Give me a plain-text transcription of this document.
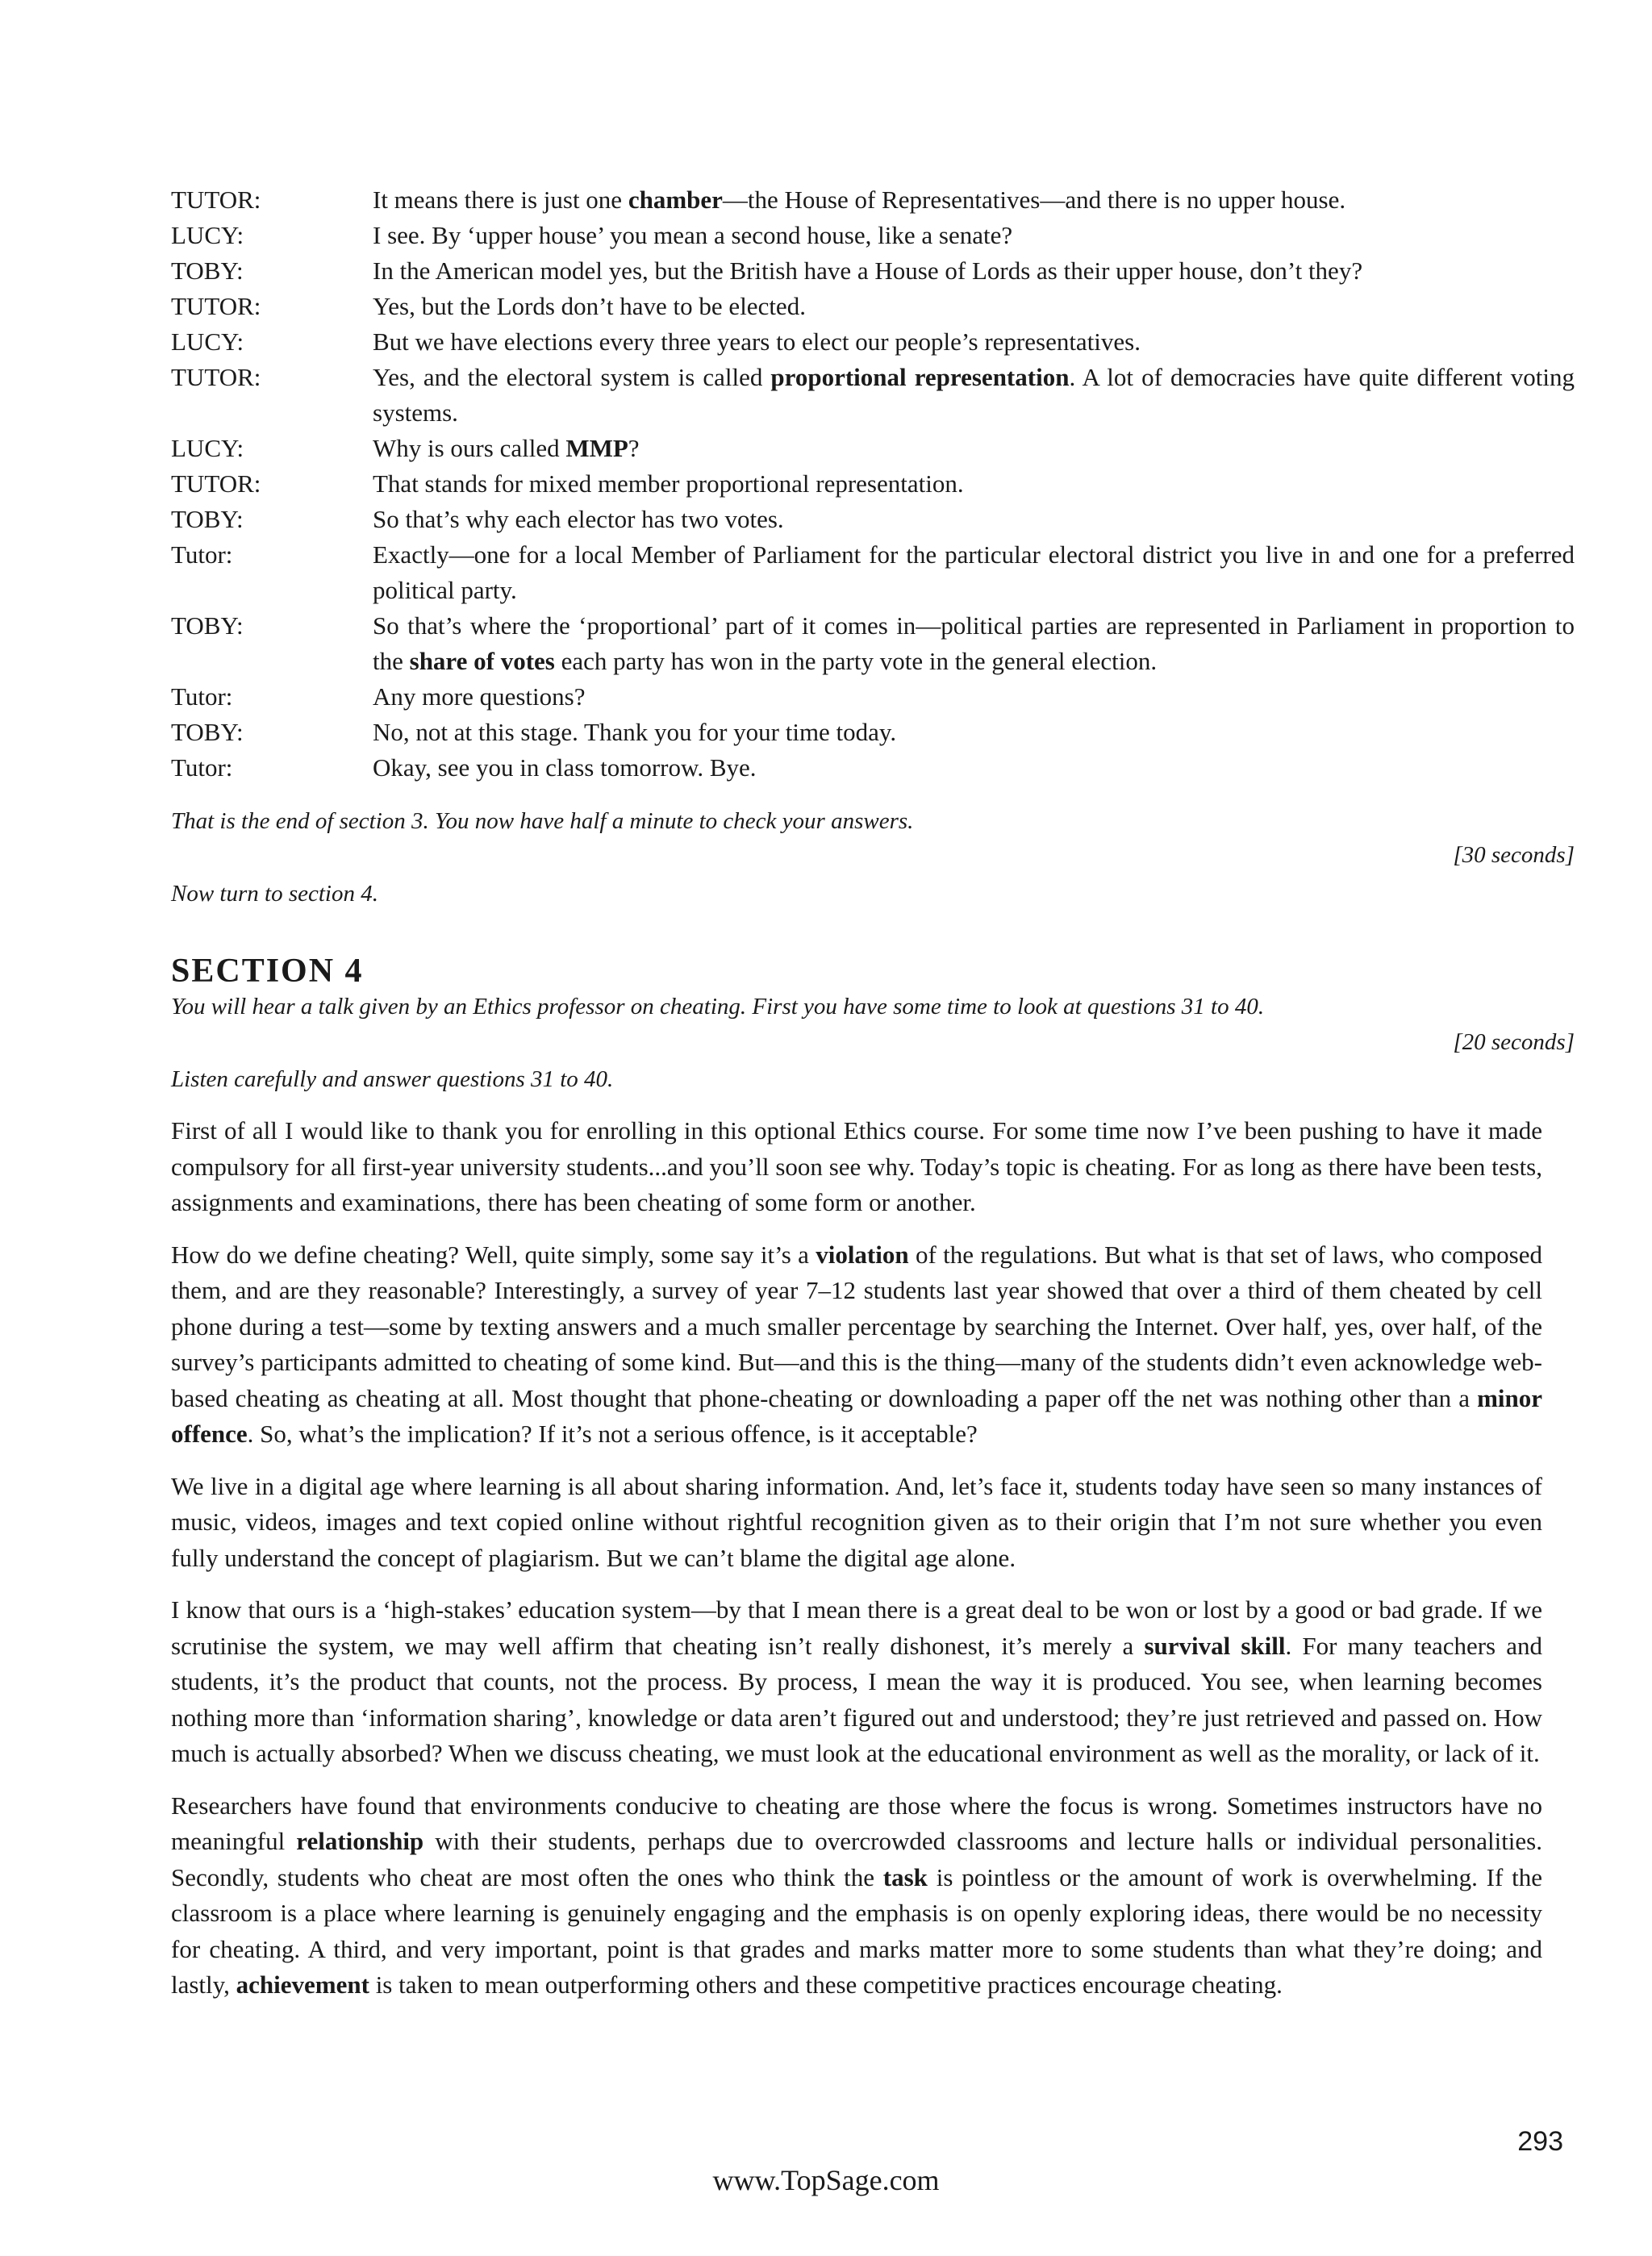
TUTOR:	It means there is just one chamber—the House of Representatives—and there is no upper house.
LUCY:	I see. By ‘upper house’ you mean a second house, like a senate?
TOBY:	In the American model yes, but the British have a House of Lords as their upper house, don’t they?
TUTOR:	Yes, but the Lords don’t have to be elected.
LUCY:	But we have elections every three years to elect our people’s representatives.
TUTOR:	Yes, and the electoral system is called proportional representation. A lot of democracies have quite different voting systems.
LUCY:	Why is ours called MMP?
TUTOR:	That stands for mixed member proportional representation.
TOBY:	So that’s why each elector has two votes.
Tutor:	Exactly—one for a local Member of Parliament for the particular electoral district you live in and one for a preferred political party.
TOBY:	So that’s where the ‘proportional’ part of it comes in—political parties are represented in Parliament in proportion to the share of votes each party has won in the party vote in the general election.
Tutor:	Any more questions?
TOBY:	No, not at this stage. Thank you for your time today.
Tutor:	Okay, see you in class tomorrow. Bye.
That is the end of section 3. You now have half a minute to check your answers.
[30 seconds]
Now turn to section 4.
SECTION 4
You will hear a talk given by an Ethics professor on cheating. First you have some time to look at questions 31 to 40.
[20 seconds]
Listen carefully and answer questions 31 to 40.

First of all I would like to thank you for enrolling in this optional Ethics course. For some time now I’ve been pushing to have it made compulsory for all first-year university students...and you’ll soon see why. Today’s topic is cheating. For as long as there have been tests, assignments and examinations, there has been cheating of some form or another.

How do we define cheating? Well, quite simply, some say it’s a violation of the regulations. But what is that set of laws, who composed them, and are they reasonable? Interestingly, a survey of year 7–12 students last year showed that over a third of them cheated by cell phone during a test—some by texting answers and a much smaller percentage by searching the Internet. Over half, yes, over half, of the survey’s participants admitted to cheating of some kind. But—and this is the thing—many of the students didn’t even acknowledge web-based cheating as cheating at all. Most thought that phone-cheating or downloading a paper off the net was nothing other than a minor offence. So, what’s the implication? If it’s not a serious offence, is it acceptable?

We live in a digital age where learning is all about sharing information. And, let’s face it, students today have seen so many instances of music, videos, images and text copied online without rightful recognition given as to their origin that I’m not sure whether you even fully understand the concept of plagiarism. But we can’t blame the digital age alone.

I know that ours is a ‘high-stakes’ education system—by that I mean there is a great deal to be won or lost by a good or bad grade. If we scrutinise the system, we may well affirm that cheating isn’t really dishonest, it’s merely a survival skill. For many teachers and students, it’s the product that counts, not the process. By process, I mean the way it is produced. You see, when learning becomes nothing more than ‘information sharing’, knowledge or data aren’t figured out and understood; they’re just retrieved and passed on. How much is actually absorbed? When we discuss cheating, we must look at the educational environment as well as the morality, or lack of it.

Researchers have found that environments conducive to cheating are those where the focus is wrong. Sometimes instructors have no meaningful relationship with their students, perhaps due to overcrowded classrooms and lecture halls or individual personalities. Secondly, students who cheat are most often the ones who think the task is pointless or the amount of work is overwhelming. If the classroom is a place where learning is genuinely engaging and the emphasis is on openly exploring ideas, there would be no necessity for cheating. A third, and very important, point is that grades and marks matter more to some students than what they’re doing; and lastly, achievement is taken to mean outperforming others and these competitive practices encourage cheating.

293
www.TopSage.com
